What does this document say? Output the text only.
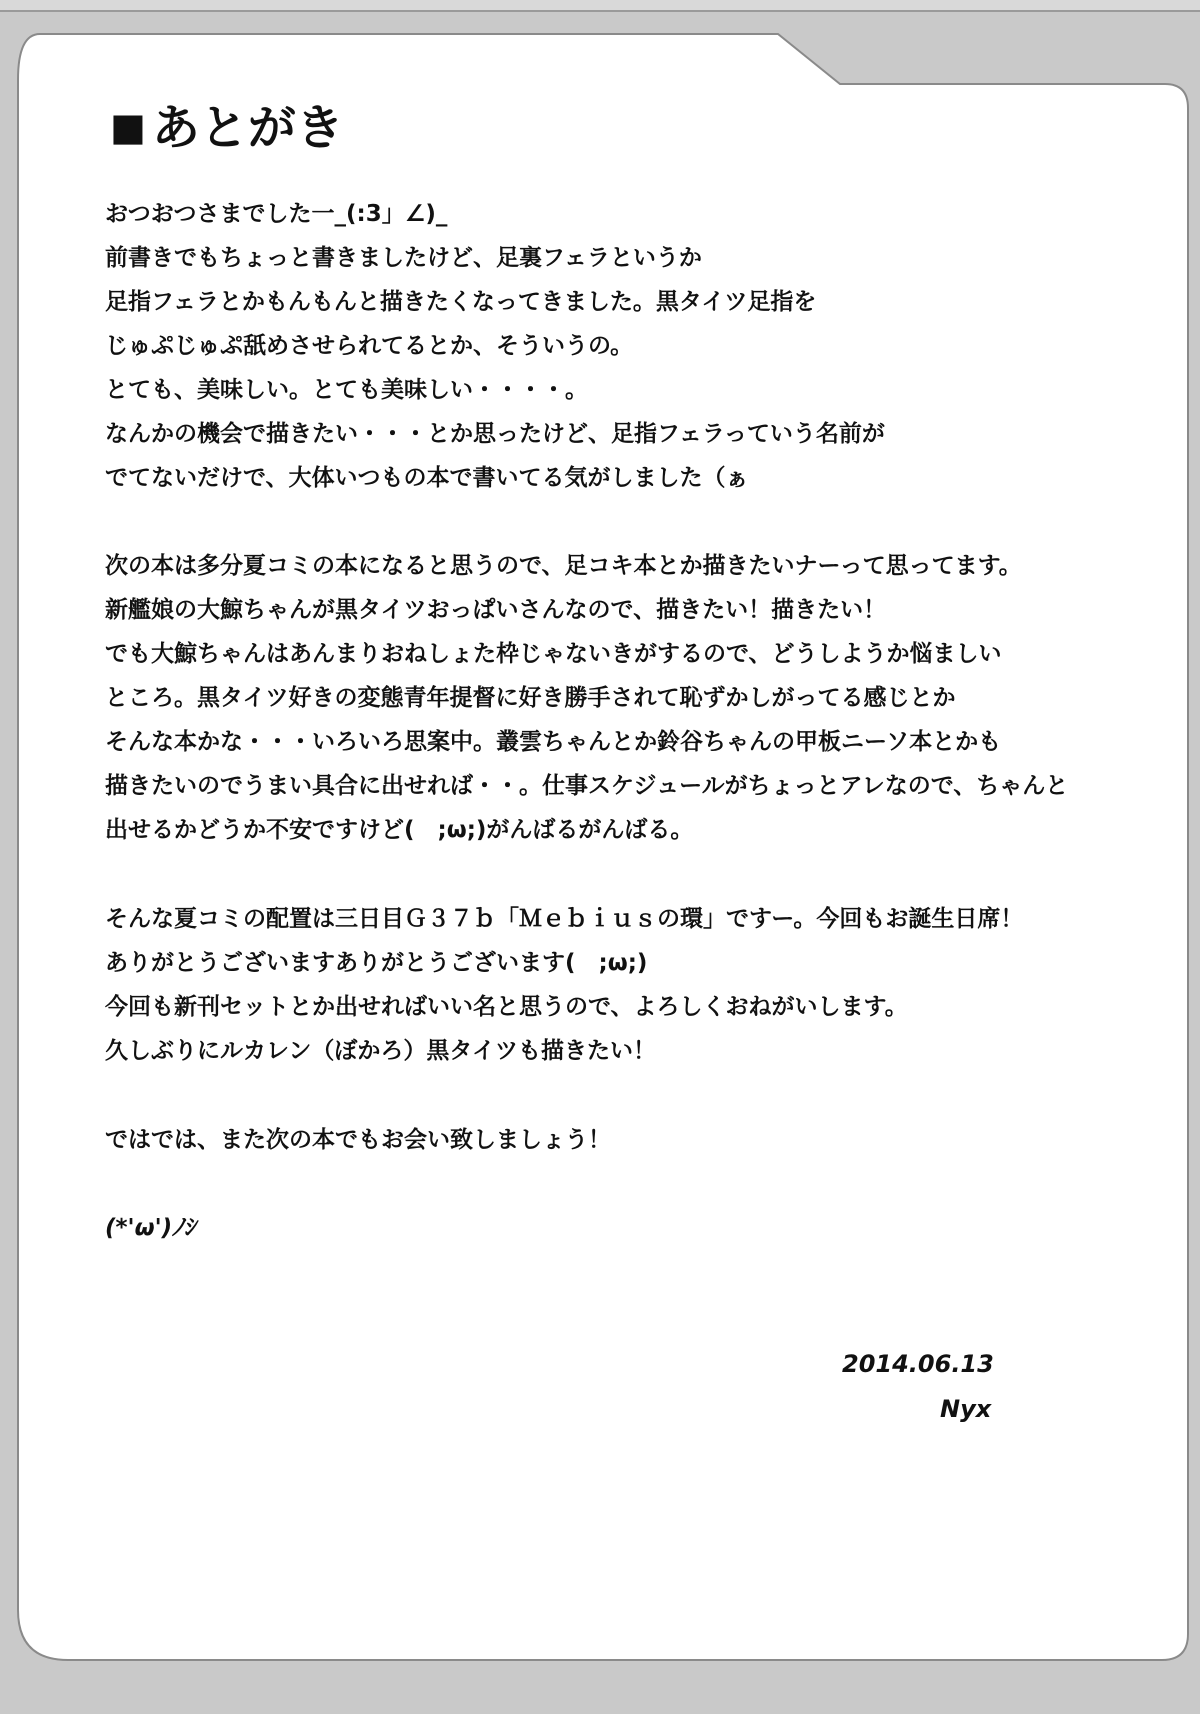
■ あとがき

おつおつさまでした一_(:3」∠)_

前書きでもちょっと書きましたけど、足裏フェラというか

足指フェラとかもんもんと描きたくなってきました。黒タイツ足指を

じゅぷじゅぷ舐めさせられてるとか、そういうの。

とても、美味しい。とても美味しい・・・・。

なんかの機会で描きたい・・・とか思ったけど、足指フェラっていう名前が

でてないだけで、大体いつもの本で書いてる気がしました（ぁ

次の本は多分夏コミの本になると思うので、足コキ本とか描きたいナーって思ってます。

新艦娘の大鯨ちゃんが黒タイツおっぱいさんなので、描きたい！描きたい！

でも大鯨ちゃんはあんまりおねしょた枠じゃないきがするので、どうしようか悩ましい

ところ。黒タイツ好きの変態青年提督に好き勝手されて恥ずかしがってる感じとか

そんな本かな・・・いろいろ思案中。叢雲ちゃんとか鈴谷ちゃんの甲板ニーソ本とかも

描きたいのでうまい具合に出せれば・・。仕事スケジュールがちょっとアレなので、ちゃんと

出せるかどうか不安ですけど(　;ω;)がんばるがんばる。

そんな夏コミの配置は三日目Ｇ３７ｂ「Ｍｅｂｉｕｓの環」ですー。今回もお誕生日席！

ありがとうございますありがとうございます(　;ω;)

今回も新刊セットとか出せればいい名と思うので、よろしくおねがいします。

久しぶりにルカレン（ぼかろ）黒タイツも描きたい！

ではでは、また次の本でもお会い致しましょう！

(*'ω')ﾉｼ

2014.06.13

Nyx
